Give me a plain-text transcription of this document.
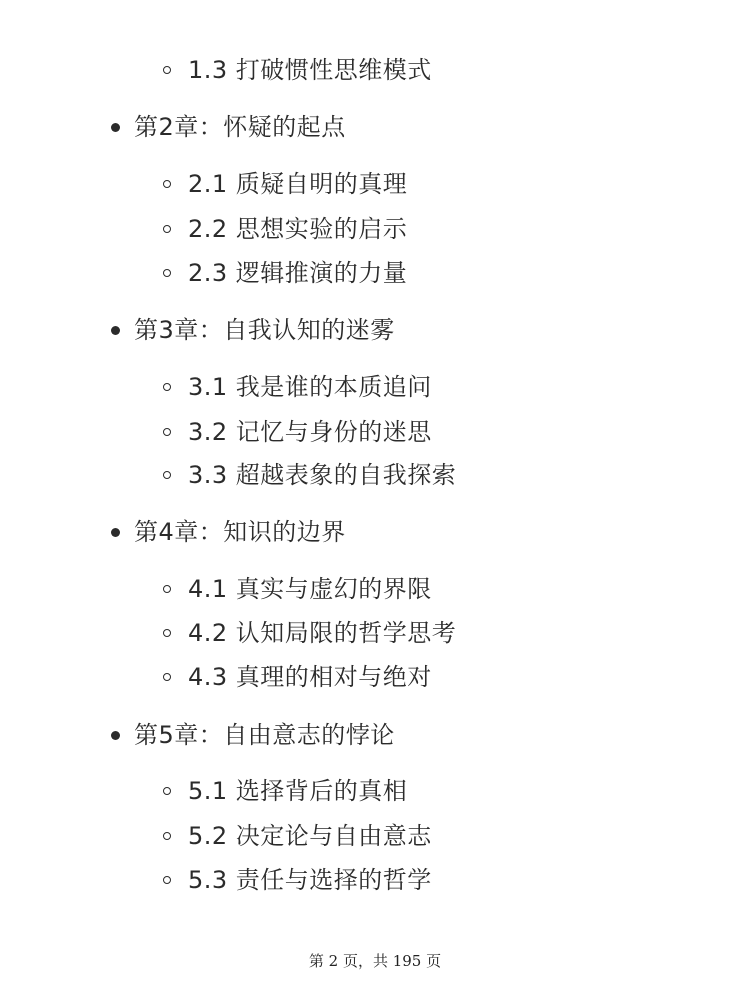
1.3 打破惯性思维模式
第2章：怀疑的起点
2.1 质疑自明的真理
2.2 思想实验的启示
2.3 逻辑推演的力量
第3章：自我认知的迷雾
3.1 我是谁的本质追问
3.2 记忆与身份的迷思
3.3 超越表象的自我探索
第4章：知识的边界
4.1 真实与虚幻的界限
4.2 认知局限的哲学思考
4.3 真理的相对与绝对
第5章：自由意志的悖论
5.1 选择背后的真相
5.2 决定论与自由意志
5.3 责任与选择的哲学
第 2 页，共 195 页
